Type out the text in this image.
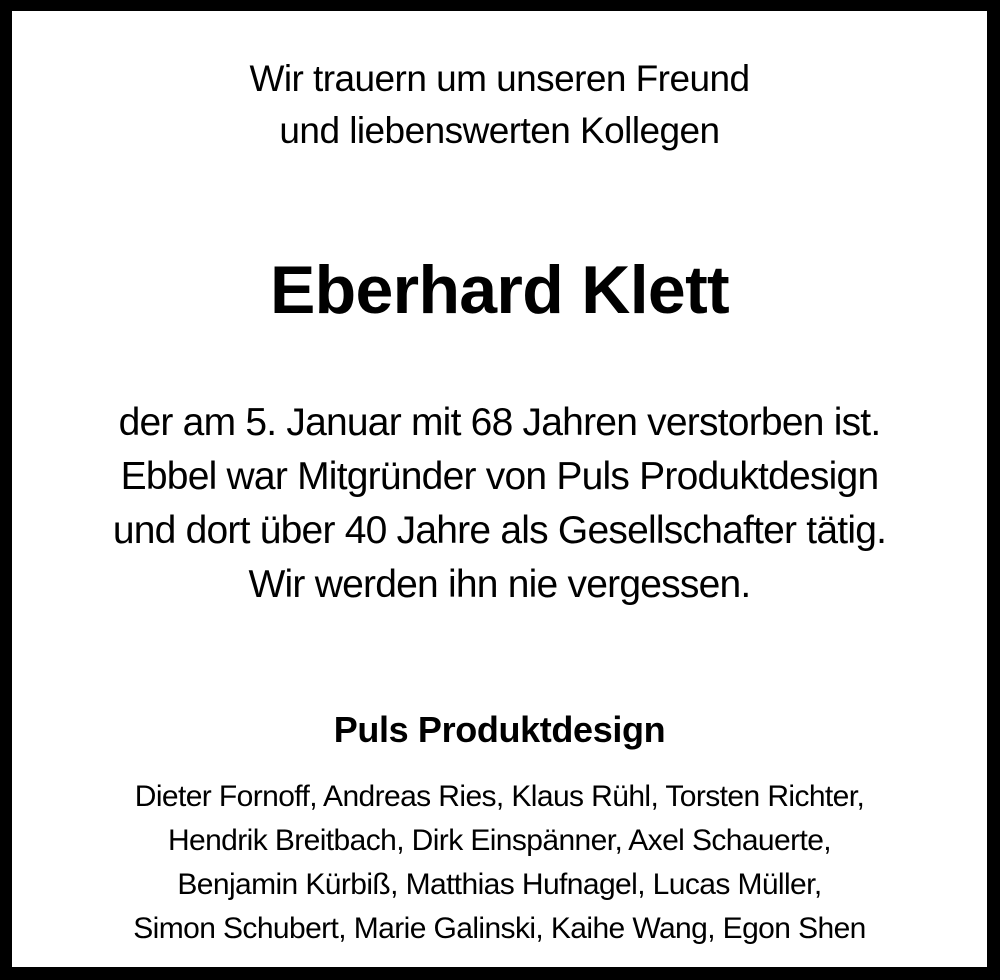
Wir trauern um unseren Freund
und liebenswerten Kollegen
Eberhard Klett
der am 5. Januar mit 68 Jahren verstorben ist.
Ebbel war Mitgründer von Puls Produktdesign
und dort über 40 Jahre als Gesellschafter tätig.
Wir werden ihn nie vergessen.
Puls Produktdesign
Dieter Fornoff, Andreas Ries, Klaus Rühl, Torsten Richter,
Hendrik Breitbach, Dirk Einspänner, Axel Schauerte,
Benjamin Kürbiß, Matthias Hufnagel, Lucas Müller,
Simon Schubert, Marie Galinski, Kaihe Wang, Egon Shen
